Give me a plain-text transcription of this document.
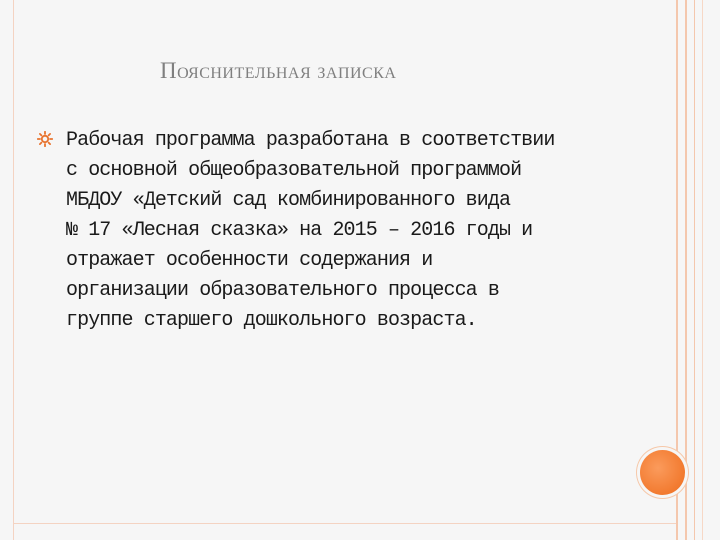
Пояснительная записка
Рабочая программа разработана в соответствии
с основной общеобразовательной программой
МБДОУ «Детский сад комбинированного вида
№ 17 «Лесная сказка» на 2015 – 2016 годы и
отражает особенности содержания и
организации образовательного процесса в
группе старшего дошкольного возраста.
